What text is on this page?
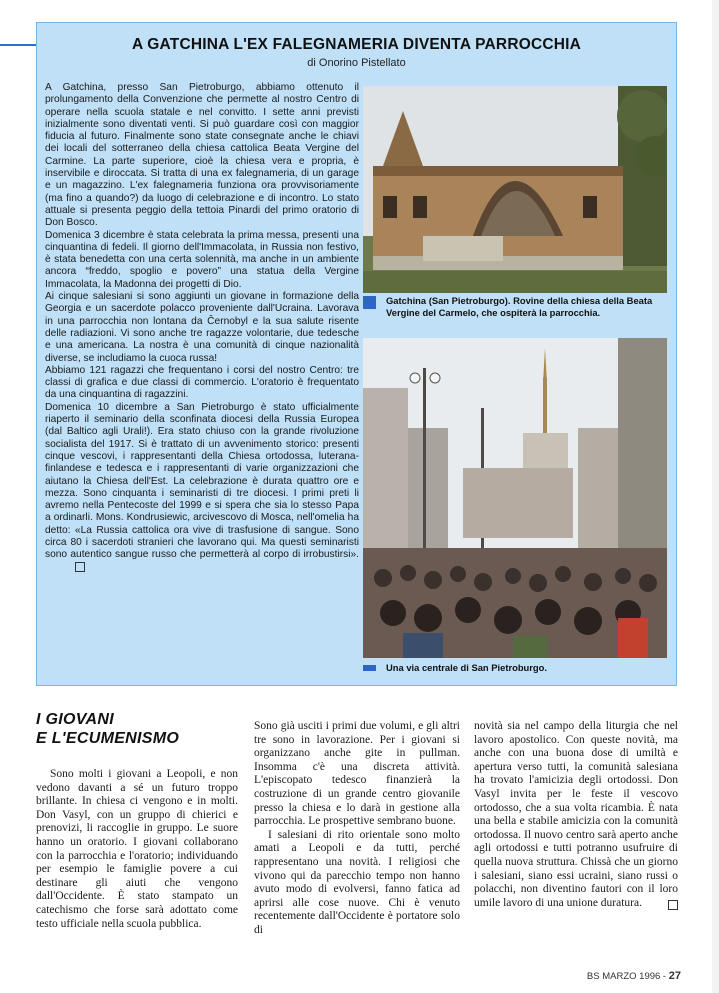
A GATCHINA L'EX FALEGNAMERIA DIVENTA PARROCCHIA
di Onorino Pistellato

A Gatchina, presso San Pietroburgo, abbiamo ottenuto il prolungamento della Convenzione che permette al nostro Centro di operare nella scuola statale e nel convitto. I sette anni previsti inizialmente sono diventati venti. Si può guardare così con maggior fiducia al futuro. Finalmente sono state consegnate anche le chiavi dei locali del sotterraneo della chiesa cattolica Beata Vergine del Carmine. La parte superiore, cioè la chiesa vera e propria, è inservibile e diroccata. Si tratta di una ex falegnameria, di un garage e un magazzino. L'ex falegnameria funziona ora provvisoriamente (ma fino a quando?) da luogo di celebrazione e di incontro. Lo stato attuale si presenta peggio della tettoia Pinardi del primo oratorio di Don Bosco.

Domenica 3 dicembre è stata celebrata la prima messa, presenti una cinquantina di fedeli. Il giorno dell'Immacolata, in Russia non festivo, è stata benedetta con una certa solennità, ma anche in un ambiente ancora “freddo, spoglio e povero” una statua della Vergine Immacolata, la Madonna dei progetti di Dio.

Ai cinque salesiani si sono aggiunti un giovane in formazione della Georgia e un sacerdote polacco proveniente dall'Ucraina. Lavorava in una parrocchia non lontana da Černobyl e la sua salute risente delle radiazioni. Vi sono anche tre ragazze volontarie, due tedesche e una americana. La nostra è una comunità di cinque nazionalità diverse, se includiamo la cuoca russa!

Abbiamo 121 ragazzi che frequentano i corsi del nostro Centro: tre classi di grafica e due classi di commercio. L'oratorio è frequentato da una cinquantina di ragazzini.

Domenica 10 dicembre a San Pietroburgo è stato ufficialmente riaperto il seminario della sconfinata diocesi della Russia Europea (dal Baltico agli Urali!). Era stato chiuso con la grande rivoluzione socialista del 1917. Si è trattato di un avvenimento storico: presenti cinque vescovi, i rappresentanti della Chiesa ortodossa, luterana-finlandese e tedesca e i rappresentanti di varie organizzazioni che aiutano la Chiesa dell'Est. La celebrazione è durata quattro ore e mezza. Sono cinquanta i seminaristi di tre diocesi. I primi preti li avremo nella Pentecoste del 1999 e si spera che sia lo stesso Papa a ordinarli. Mons. Kondrusiewic, arcivescovo di Mosca, nell'omelia ha detto: «La Russia cattolica ora vive di trasfusione di sangue. Sono circa 80 i sacerdoti stranieri che lavorano qui. Ma questi seminaristi sono autentico sangue russo che permetterà al corpo di irrobustirsi».

Gatchina (San Pietroburgo). Rovine della chiesa della Beata Vergine del Carmelo, che ospiterà la parrocchia.
Una via centrale di San Pietroburgo.
I GIOVANI
E L'ECUMENISMO

Sono molti i giovani a Leopoli, e non vedono davanti a sé un futuro troppo brillante. In chiesa ci vengono e in molti. Don Vasyl, con un gruppo di chierici e prenovizi, li raccoglie in gruppo. Le suore hanno un oratorio. I giovani collaborano con la parrocchia e l'oratorio; individuando per esempio le famiglie povere a cui destinare gli aiuti che vengono dall'Occidente. È stato stampato un catechismo che forse sarà adottato come testo ufficiale nella scuola pubblica.

Sono già usciti i primi due volumi, e gli altri tre sono in lavorazione. Per i giovani si organizzano anche gite in pullman. Insomma c'è una discreta attività. L'episcopato tedesco finanzierà la costruzione di un grande centro giovanile presso la chiesa e lo darà in gestione alla parrocchia. Le prospettive sembrano buone.

I salesiani di rito orientale sono molto amati a Leopoli e da tutti, perché rappresentano una novità. I religiosi che vivono qui da parecchio tempo non hanno avuto modo di evolversi, fanno fatica ad aprirsi alle cose nuove. Chi è venuto recentemente dall'Occidente è portatore solo di

novità sia nel campo della liturgia che nel lavoro apostolico. Con queste novità, ma anche con una buona dose di umiltà e apertura verso tutti, la comunità salesiana ha trovato l'amicizia degli ortodossi. Don Vasyl invita per le feste il vescovo ortodosso, che a sua volta ricambia. È nata una bella e stabile amicizia con la comunità ortodossa. Il nuovo centro sarà aperto anche agli ortodossi e tutti potranno usufruire di quella nuova struttura. Chissà che un giorno i salesiani, siano essi ucraini, siano russi o polacchi, non diventino fautori con il loro umile lavoro di una unione duratura.

BS MARZO 1996 - 27
